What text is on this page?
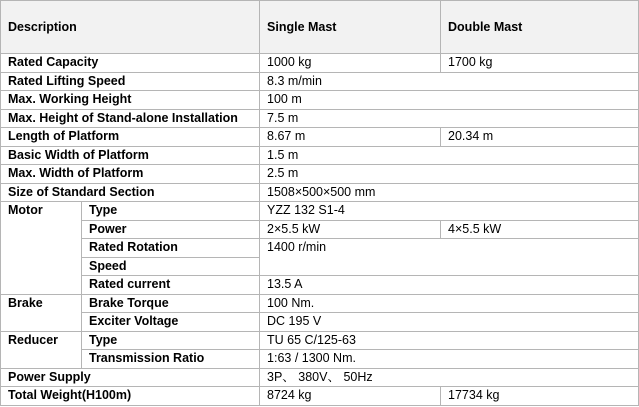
Description		Single Mast	Double Mast
Rated Capacity		1000 kg	1700 kg
Rated Lifting Speed		8.3 m/min	
Max. Working Height		100 m	
Max. Height of Stand-alone Installation		7.5 m	
Length of Platform		8.67 m	20.34 m
Basic Width of Platform		1.5 m	
Max. Width of Platform		2.5 m	
Size of Standard Section		1508×500×500 mm	
Motor	Type	YZZ 132 S1-4	
	Power	2×5.5 kW	4×5.5 kW
	Rated Rotation	1400 r/min	
	Speed		
	Rated current	13.5 A	
Brake	Brake Torque	100 Nm.	
	Exciter Voltage	DC 195 V	
Reducer	Type	TU 65 C/125-63	
	Transmission Ratio	1:63 / 1300 Nm.	
Power Supply		3P、 380V、 50Hz	
Total Weight(H100m)		8724 kg	17734 kg
